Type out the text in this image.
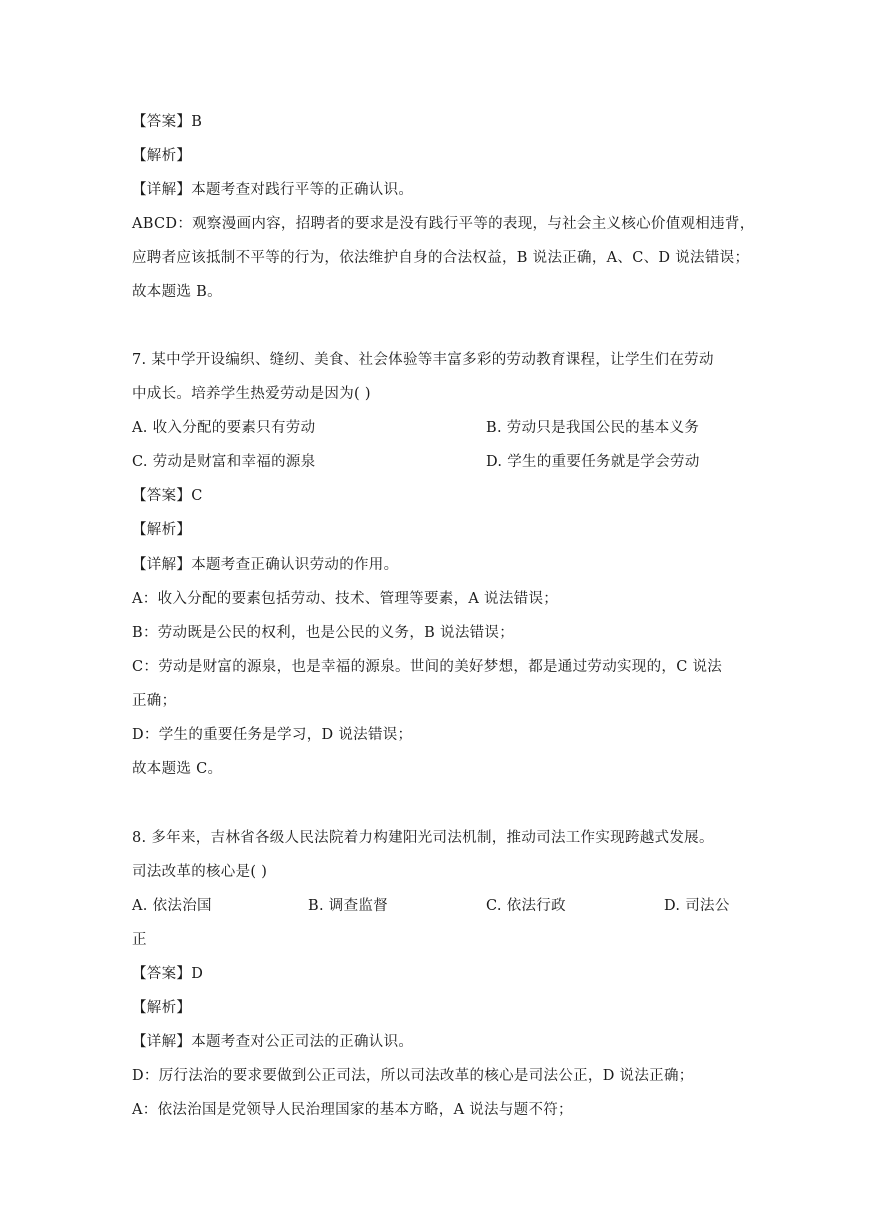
【答案】B
【解析】
【详解】本题考查对践行平等的正确认识。
ABCD：观察漫画内容，招聘者的要求是没有践行平等的表现，与社会主义核心价值观相违背，
应聘者应该抵制不平等的行为，依法维护自身的合法权益，B 说法正确，A、C、D 说法错误；
故本题选 B。
7. 某中学开设编织、缝纫、美食、社会体验等丰富多彩的劳动教育课程，让学生们在劳动
中成长。培养学生热爱劳动是因为( )
A. 收入分配的要素只有劳动	B. 劳动只是我国公民的基本义务
C. 劳动是财富和幸福的源泉	D. 学生的重要任务就是学会劳动
【答案】C
【解析】
【详解】本题考查正确认识劳动的作用。
A：收入分配的要素包括劳动、技术、管理等要素，A 说法错误；
B：劳动既是公民的权利，也是公民的义务，B 说法错误；
C：劳动是财富的源泉，也是幸福的源泉。世间的美好梦想，都是通过劳动实现的，C 说法
正确；
D：学生的重要任务是学习，D 说法错误；
故本题选 C。
8. 多年来，吉林省各级人民法院着力构建阳光司法机制，推动司法工作实现跨越式发展。
司法改革的核心是( )
A. 依法治国	B. 调查监督	C. 依法行政	D. 司法公
正
【答案】D
【解析】
【详解】本题考查对公正司法的正确认识。
D：厉行法治的要求要做到公正司法，所以司法改革的核心是司法公正，D 说法正确；
A：依法治国是党领导人民治理国家的基本方略，A 说法与题不符；
